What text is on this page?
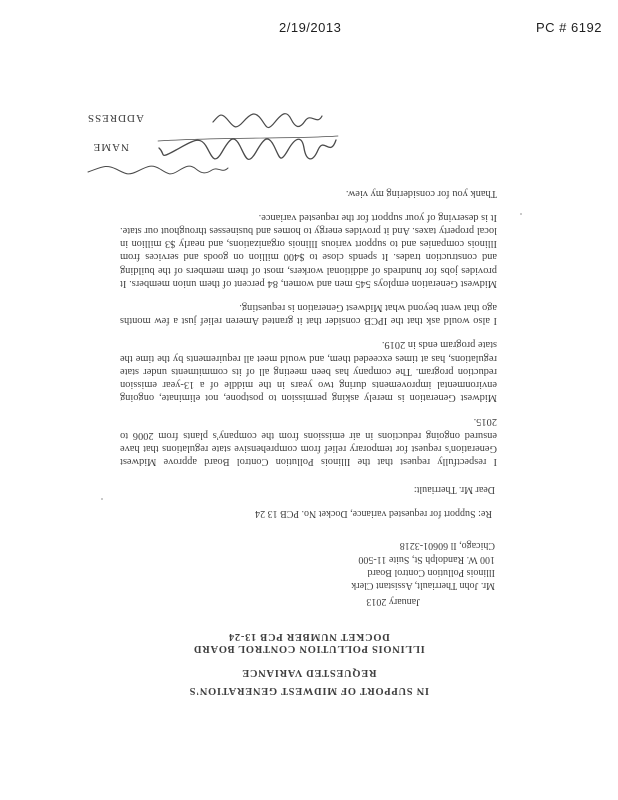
2/19/2013	PC # 6192
IN SUPPORT OF MIDWEST GENERATION'S
REQUESTED VARIANCE
ILLINOIS POLLUTION CONTROL BOARD
DOCKET NUMBER PCB 13-24
January 2013
Mr. John Therriault, Assistant Clerk
Illinois Pollution Control Board
100 W. Randolph St, Suite 11-500
Chicago, Il 60601-3218
Re: Support for requested variance, Docket No. PCB 13 24
Dear Mr. Therriault:

I respectfully request that the Illinois Pollution Control Board approve Midwest Generation's request for temporary relief from comprehensive state regulations that have ensured ongoing reductions in air emissions from the company's plants from 2006 to 2015.

Midwest Generation is merely asking permission to postpone, not eliminate, ongoing environmental improvements during two years in the middle of a 13-year emission reduction program. The company has been meeting all of its commitments under state regulations, has at times exceeded them, and would meet all requirements by the time the state program ends in 2019.

I also would ask that the IPCB consider that it granted Ameren relief just a few months ago that went beyond what Midwest Generation is requesting.

Midwest Generation employs 545 men and women, 84 percent of them union members. It provides jobs for hundreds of additional workers, most of them members of the building and construction trades. It spends close to $400 million on goods and services from Illinois companies and to support various Illinois organizations, and nearly $3 million in local property taxes. And it provides energy to homes and businesses throughout our state. It is deserving of your support for the requested variance.

Thank you for considering my view.

NAME
ADDRESS
